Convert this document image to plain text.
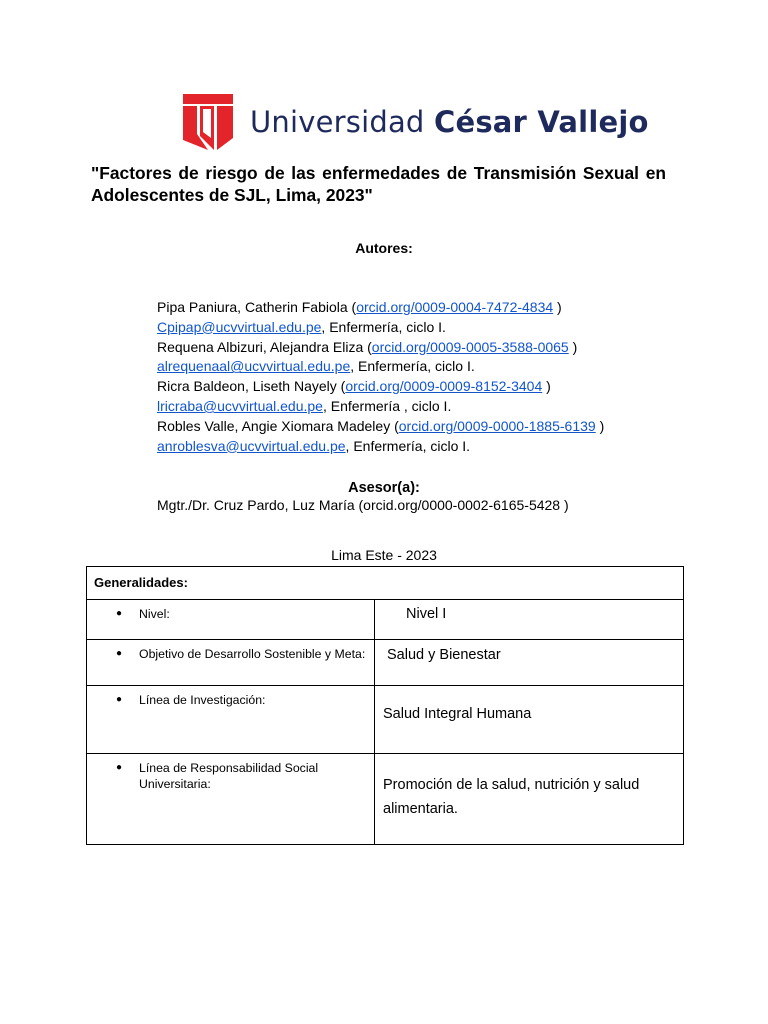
Universidad César Vallejo
"Factores de riesgo de las enfermedades de Transmisión Sexual en Adolescentes de SJL, Lima, 2023"
Autores:
Pipa Paniura, Catherin Fabiola (orcid.org/0009-0004-7472-4834 )
Cpipap@ucvvirtual.edu.pe, Enfermería, ciclo I.
Requena Albizuri, Alejandra Eliza (orcid.org/0009-0005-3588-0065 )
alrequenaal@ucvvirtual.edu.pe, Enfermería, ciclo I.
Ricra Baldeon, Liseth Nayely (orcid.org/0009-0009-8152-3404 )
lricraba@ucvvirtual.edu.pe, Enfermería , ciclo I.
Robles Valle, Angie Xiomara Madeley (orcid.org/0009-0000-1885-6139 )
anroblesva@ucvvirtual.edu.pe, Enfermería, ciclo I.
Asesor(a):
Mgtr./Dr. Cruz Pardo, Luz María (orcid.org/0000-0002-6165-5428 )
Lima Este - 2023
Generalidades:	

● Nivel:	Nivel I

● Objetivo de Desarrollo Sostenible y Meta:	Salud y Bienestar

● Línea de Investigación:	Salud Integral Humana

● Línea de Responsabilidad Social Universitaria:	Promoción de la salud, nutrición y salud alimentaria.
